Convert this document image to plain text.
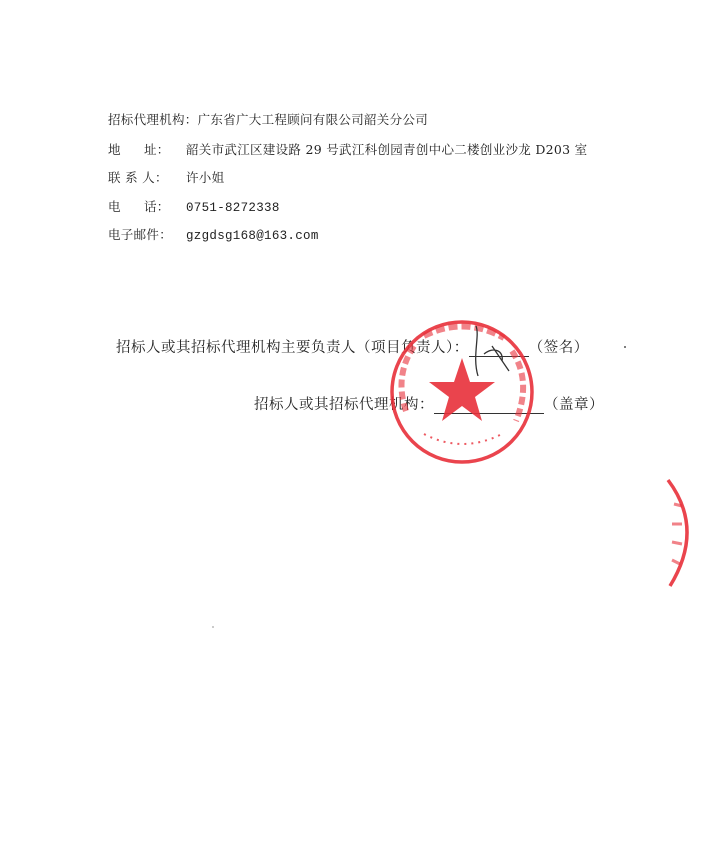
招标代理机构：广东省广大工程顾问有限公司韶关分公司
地 址： 韶关市武江区建设路 29 号武江科创园青创中心二楼创业沙龙 D203 室
联 系 人： 许小姐
电 话： 0751-8272338
电子邮件： gzgdsg168@163.com
招标人或其招标代理机构主要负责人（项目负责人）：	（签名）
招标人或其招标代理机构：	（盖章）
